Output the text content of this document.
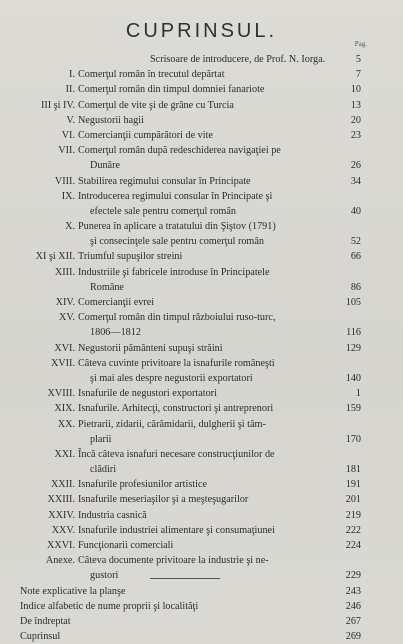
CUPRINSUL.
Pag.
Scrisoare de introducere, de Prof. N. Iorga.	5
I. Comerţul român în trecutul depărtat	7
II. Comerţul român din timpul domniei fanariote	10
III şi IV. Comerţul de vite şi de grâne cu Turcia	13
V. Negustorii hagii	20
VI. Comercianţii cumpărători de vite	23
VII. Comerţul român după redeschiderea navigaţiei pe
Dunăre	26
VIII. Stabilirea regimului consular în Principate	34
IX. Introducerea regimului consular în Principate şi
efectele sale pentru comerţul român	40
X. Punerea în aplicare a tratatului din Şiştov (1791)
şi consecinţele sale pentru comerţul român	52
XI şi XII. Triumful supuşilor streini	66
XIII. Industriile şi fabricele introduse în Principatele
Române	86
XIV. Comercianţii evrei	105
XV. Comerţul român din timpul războiului ruso-turc,
1806—1812	116
XVI. Negustorii pământeni supuşi străini	129
XVII. Câteva cuvinte privitoare la isnafurile româneşti
şi mai ales despre negustorii exportatori	140
XVIII. Isnafurile de negustori exportatori	1
XIX. Isnafurile. Arhitecţi, constructori şi antreprenori	159
XX. Pietrarii, zidarii, cărămidarii, dulgherii şi tâm-
plarii	170
XXI. Încă câteva isnafuri necesare construcţiunilor de
clădiri	181
XXII. Isnafurile profesiunilor artistice	191
XXIII. Isnafurile meseriaşilor şi a meşteşugarilor	201
XXIV. Industria casnică	219
XXV. Isnafurile industriei alimentare şi consumaţiunei	222
XXVI. Funcţionarii comerciali	224
Anexe. Câteva documente privitoare la industrie şi ne-
gustori	229
Note explicative la planşe	243
Indice alfabetic de nume proprii şi localităţi	246
De îndreptat	267
Cuprinsul	269
